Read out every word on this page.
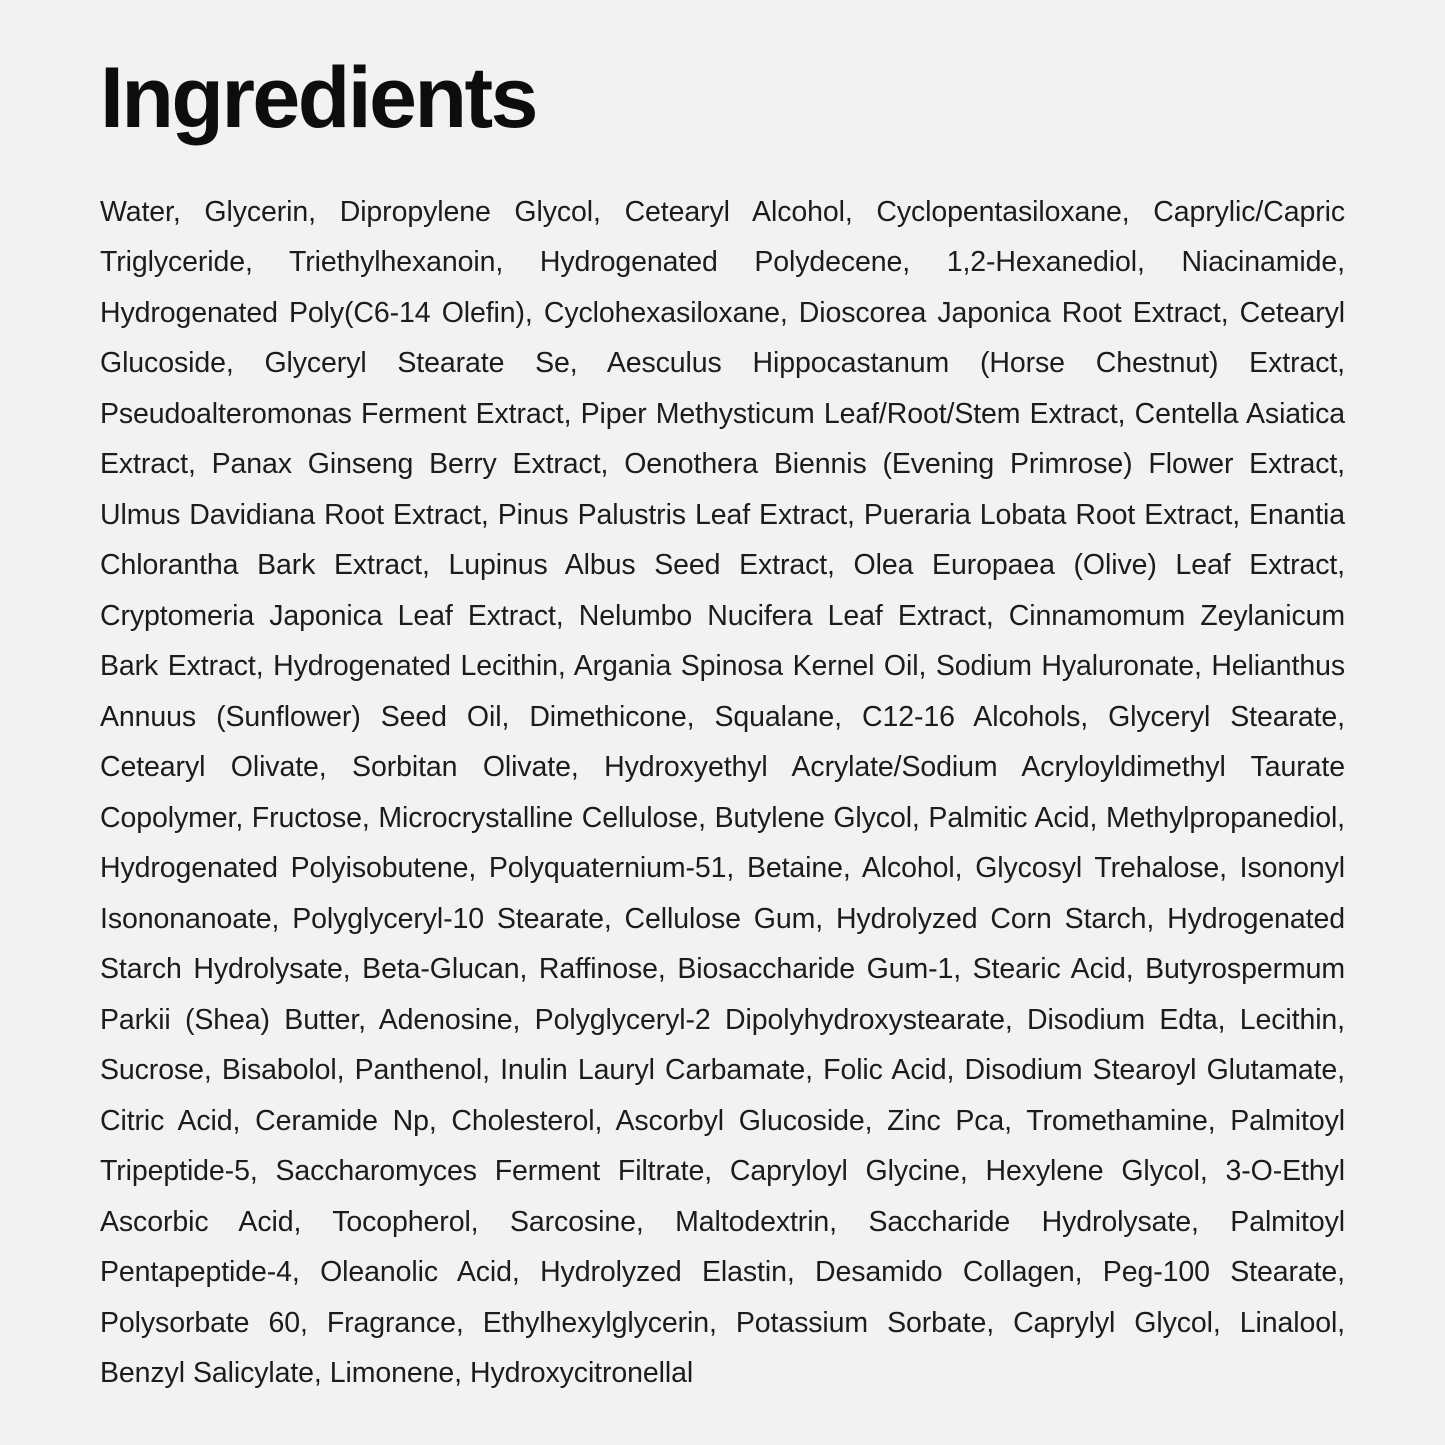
Ingredients

Water, Glycerin, Dipropylene Glycol, Cetearyl Alcohol, Cyclopentasiloxane, Caprylic/Capric Triglyceride, Triethylhexanoin, Hydrogenated Polydecene, 1,2-Hexanediol, Niacinamide, Hydrogenated Poly(C6-14 Olefin), Cyclohexasiloxane, Dioscorea Japonica Root Extract, Cetearyl Glucoside, Glyceryl Stearate Se, Aesculus Hippocastanum (Horse Chestnut) Extract, Pseudoalteromonas Ferment Extract, Piper Methysticum Leaf/Root/Stem Extract, Centella Asiatica Extract, Panax Ginseng Berry Extract, Oenothera Biennis (Evening Primrose) Flower Extract, Ulmus Davidiana Root Extract, Pinus Palustris Leaf Extract, Pueraria Lobata Root Extract, Enantia Chlorantha Bark Extract, Lupinus Albus Seed Extract, Olea Europaea (Olive) Leaf Extract, Cryptomeria Japonica Leaf Extract, Nelumbo Nucifera Leaf Extract, Cinnamomum Zeylanicum Bark Extract, Hydrogenated Lecithin, Argania Spinosa Kernel Oil, Sodium Hyaluronate, Helianthus Annuus (Sunflower) Seed Oil, Dimethicone, Squalane, C12-16 Alcohols, Glyceryl Stearate, Cetearyl Olivate, Sorbitan Olivate, Hydroxyethyl Acrylate/Sodium Acryloyldimethyl Taurate Copolymer, Fructose, Microcrystalline Cellulose, Butylene Glycol, Palmitic Acid, Methylpropanediol, Hydrogenated Polyisobutene, Polyquaternium-51, Betaine, Alcohol, Glycosyl Trehalose, Isononyl Isononanoate, Polyglyceryl-10 Stearate, Cellulose Gum, Hydrolyzed Corn Starch, Hydrogenated Starch Hydrolysate, Beta-Glucan, Raffinose, Biosaccharide Gum-1, Stearic Acid, Butyrospermum Parkii (Shea) Butter, Adenosine, Polyglyceryl-2 Dipolyhydroxystearate, Disodium Edta, Lecithin, Sucrose, Bisabolol, Panthenol, Inulin Lauryl Carbamate, Folic Acid, Disodium Stearoyl Glutamate, Citric Acid, Ceramide Np, Cholesterol, Ascorbyl Glucoside, Zinc Pca, Tromethamine, Palmitoyl Tripeptide-5, Saccharomyces Ferment Filtrate, Capryloyl Glycine, Hexylene Glycol, 3-O-Ethyl Ascorbic Acid, Tocopherol, Sarcosine, Maltodextrin, Saccharide Hydrolysate, Palmitoyl Pentapeptide-4, Oleanolic Acid, Hydrolyzed Elastin, Desamido Collagen, Peg-100 Stearate, Polysorbate 60, Fragrance, Ethylhexylglycerin, Potassium Sorbate, Caprylyl Glycol, Linalool, Benzyl Salicylate, Limonene, Hydroxycitronellal
